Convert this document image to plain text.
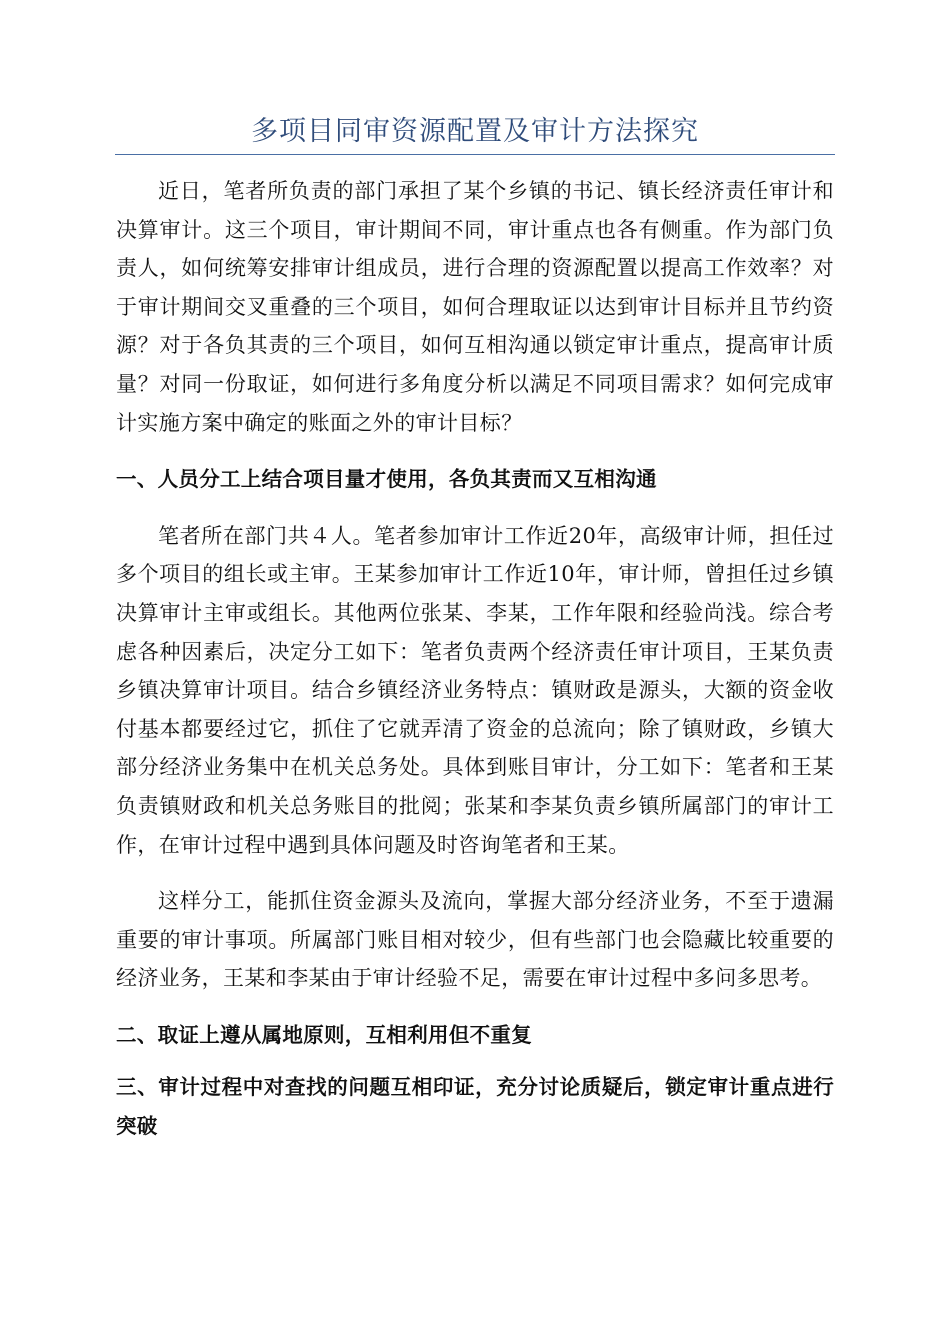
多项目同审资源配置及审计方法探究

近日，笔者所负责的部门承担了某个乡镇的书记、镇长经济责任审计和决算审计。这三个项目，审计期间不同，审计重点也各有侧重。作为部门负责人，如何统筹安排审计组成员，进行合理的资源配置以提高工作效率？对于审计期间交叉重叠的三个项目，如何合理取证以达到审计目标并且节约资源？对于各负其责的三个项目，如何互相沟通以锁定审计重点，提高审计质量？对同一份取证，如何进行多角度分析以满足不同项目需求？如何完成审计实施方案中确定的账面之外的审计目标？

一、人员分工上结合项目量才使用，各负其责而又互相沟通

笔者所在部门共４人。笔者参加审计工作近20年，高级审计师，担任过多个项目的组长或主审。王某参加审计工作近10年，审计师，曾担任过乡镇决算审计主审或组长。其他两位张某、李某，工作年限和经验尚浅。综合考虑各种因素后，决定分工如下：笔者负责两个经济责任审计项目，王某负责乡镇决算审计项目。结合乡镇经济业务特点：镇财政是源头，大额的资金收付基本都要经过它，抓住了它就弄清了资金的总流向；除了镇财政，乡镇大部分经济业务集中在机关总务处。具体到账目审计，分工如下：笔者和王某负责镇财政和机关总务账目的批阅；张某和李某负责乡镇所属部门的审计工作，在审计过程中遇到具体问题及时咨询笔者和王某。

这样分工，能抓住资金源头及流向，掌握大部分经济业务，不至于遗漏重要的审计事项。所属部门账目相对较少，但有些部门也会隐藏比较重要的经济业务，王某和李某由于审计经验不足，需要在审计过程中多问多思考。

二、取证上遵从属地原则，互相利用但不重复

三、审计过程中对查找的问题互相印证，充分讨论质疑后，锁定审计重点进行突破
